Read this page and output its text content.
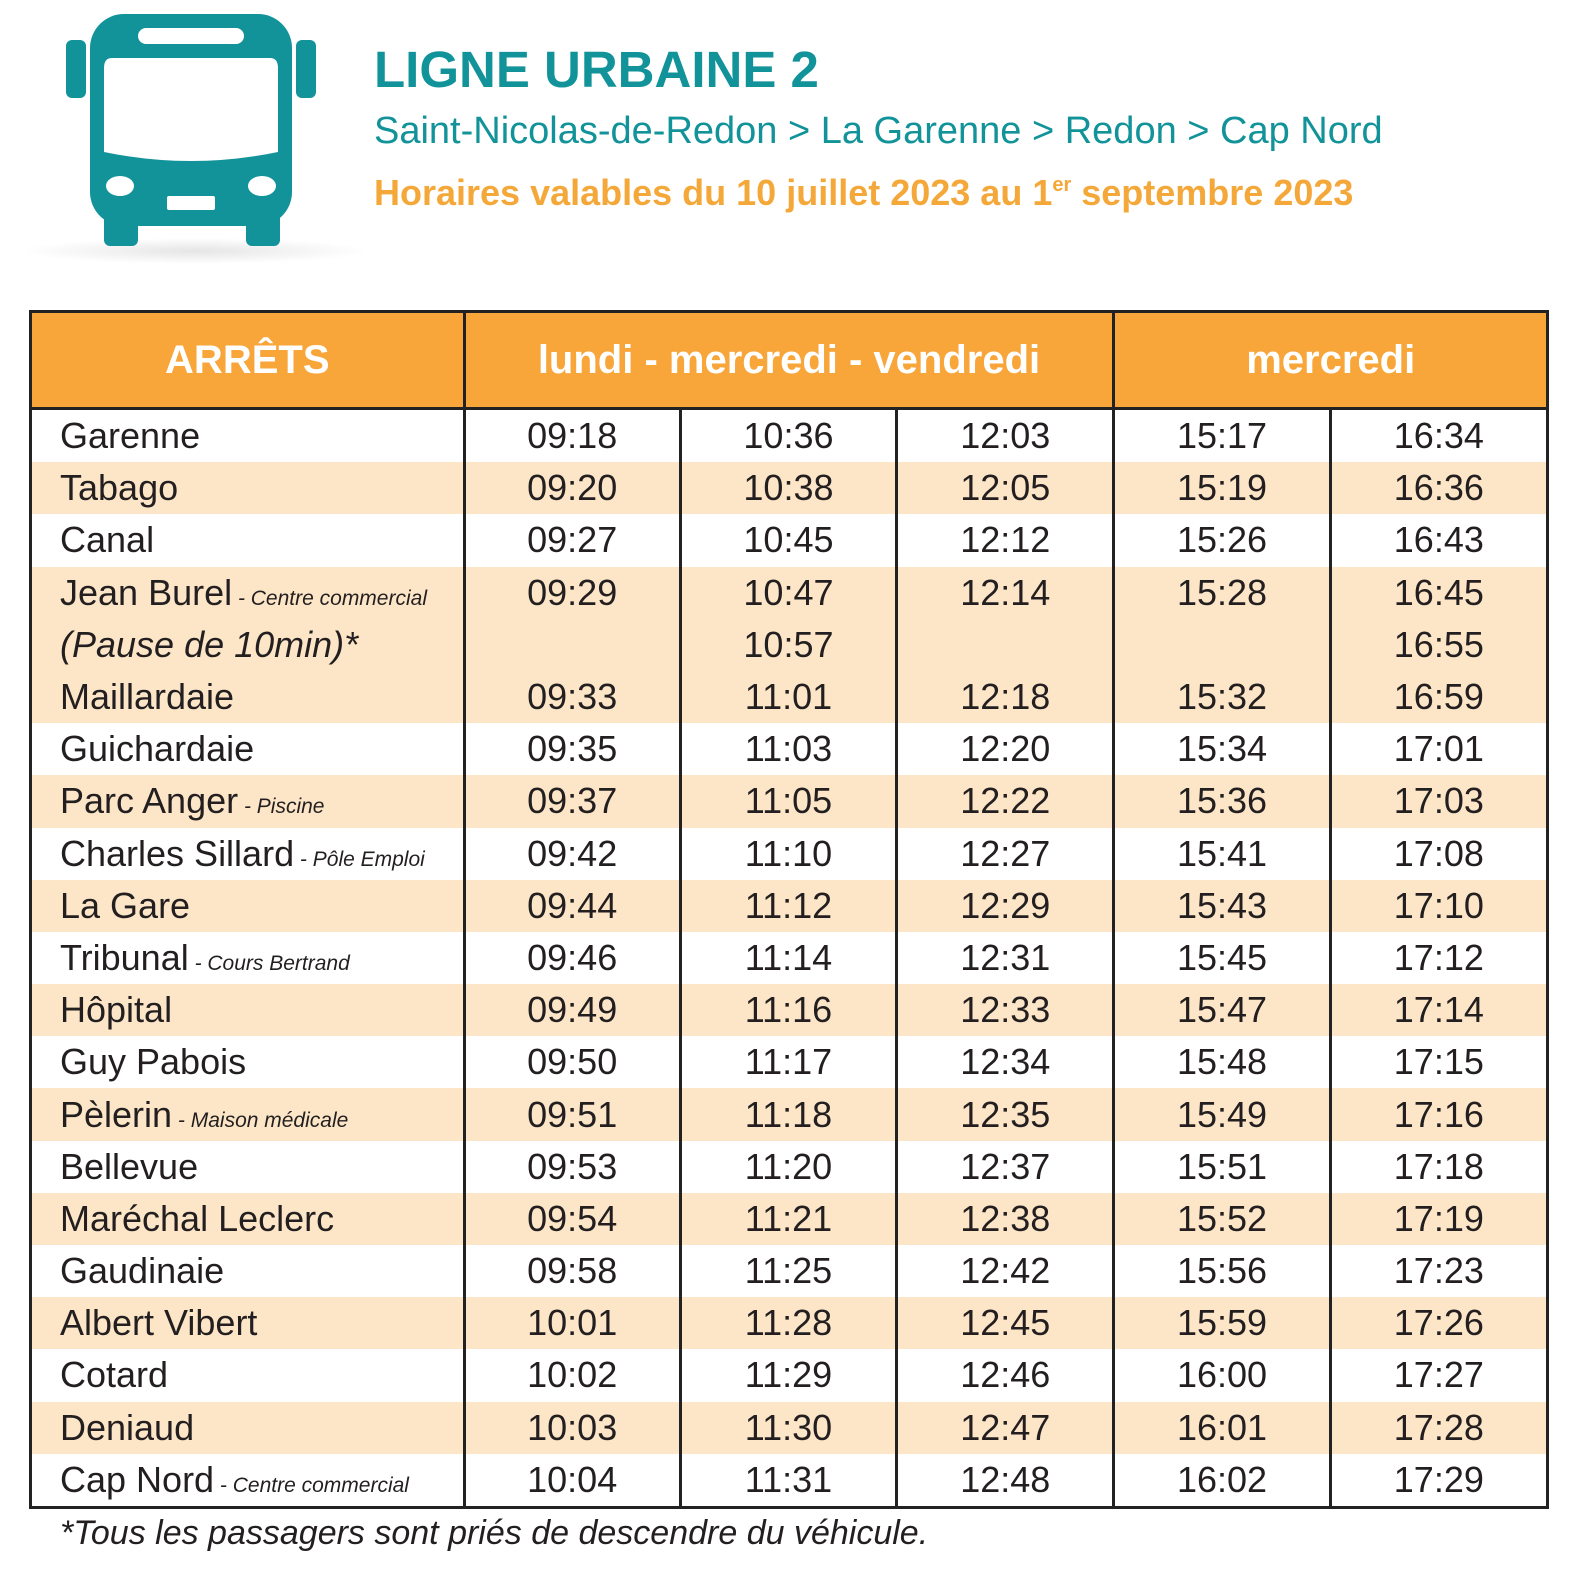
LIGNE URBAINE 2
Saint-Nicolas-de-Redon > La Garenne > Redon > Cap Nord
Horaires valables du 10 juillet 2023 au 1er septembre 2023
ARRÊTS	lundi - mercredi - vendredi			mercredi	
Garenne	09:18	10:36	12:03	15:17	16:34
Tabago	09:20	10:38	12:05	15:19	16:36
Canal	09:27	10:45	12:12	15:26	16:43
Jean Burel - Centre commercial	09:29	10:47	12:14	15:28	16:45
(Pause de 10min)*		10:57			16:55
Maillardaie	09:33	11:01	12:18	15:32	16:59
Guichardaie	09:35	11:03	12:20	15:34	17:01
Parc Anger - Piscine	09:37	11:05	12:22	15:36	17:03
Charles Sillard - Pôle Emploi	09:42	11:10	12:27	15:41	17:08
La Gare	09:44	11:12	12:29	15:43	17:10
Tribunal - Cours Bertrand	09:46	11:14	12:31	15:45	17:12
Hôpital	09:49	11:16	12:33	15:47	17:14
Guy Pabois	09:50	11:17	12:34	15:48	17:15
Pèlerin - Maison médicale	09:51	11:18	12:35	15:49	17:16
Bellevue	09:53	11:20	12:37	15:51	17:18
Maréchal Leclerc	09:54	11:21	12:38	15:52	17:19
Gaudinaie	09:58	11:25	12:42	15:56	17:23
Albert Vibert	10:01	11:28	12:45	15:59	17:26
Cotard	10:02	11:29	12:46	16:00	17:27
Deniaud	10:03	11:30	12:47	16:01	17:28
Cap Nord - Centre commercial	10:04	11:31	12:48	16:02	17:29
*Tous les passagers sont priés de descendre du véhicule.
